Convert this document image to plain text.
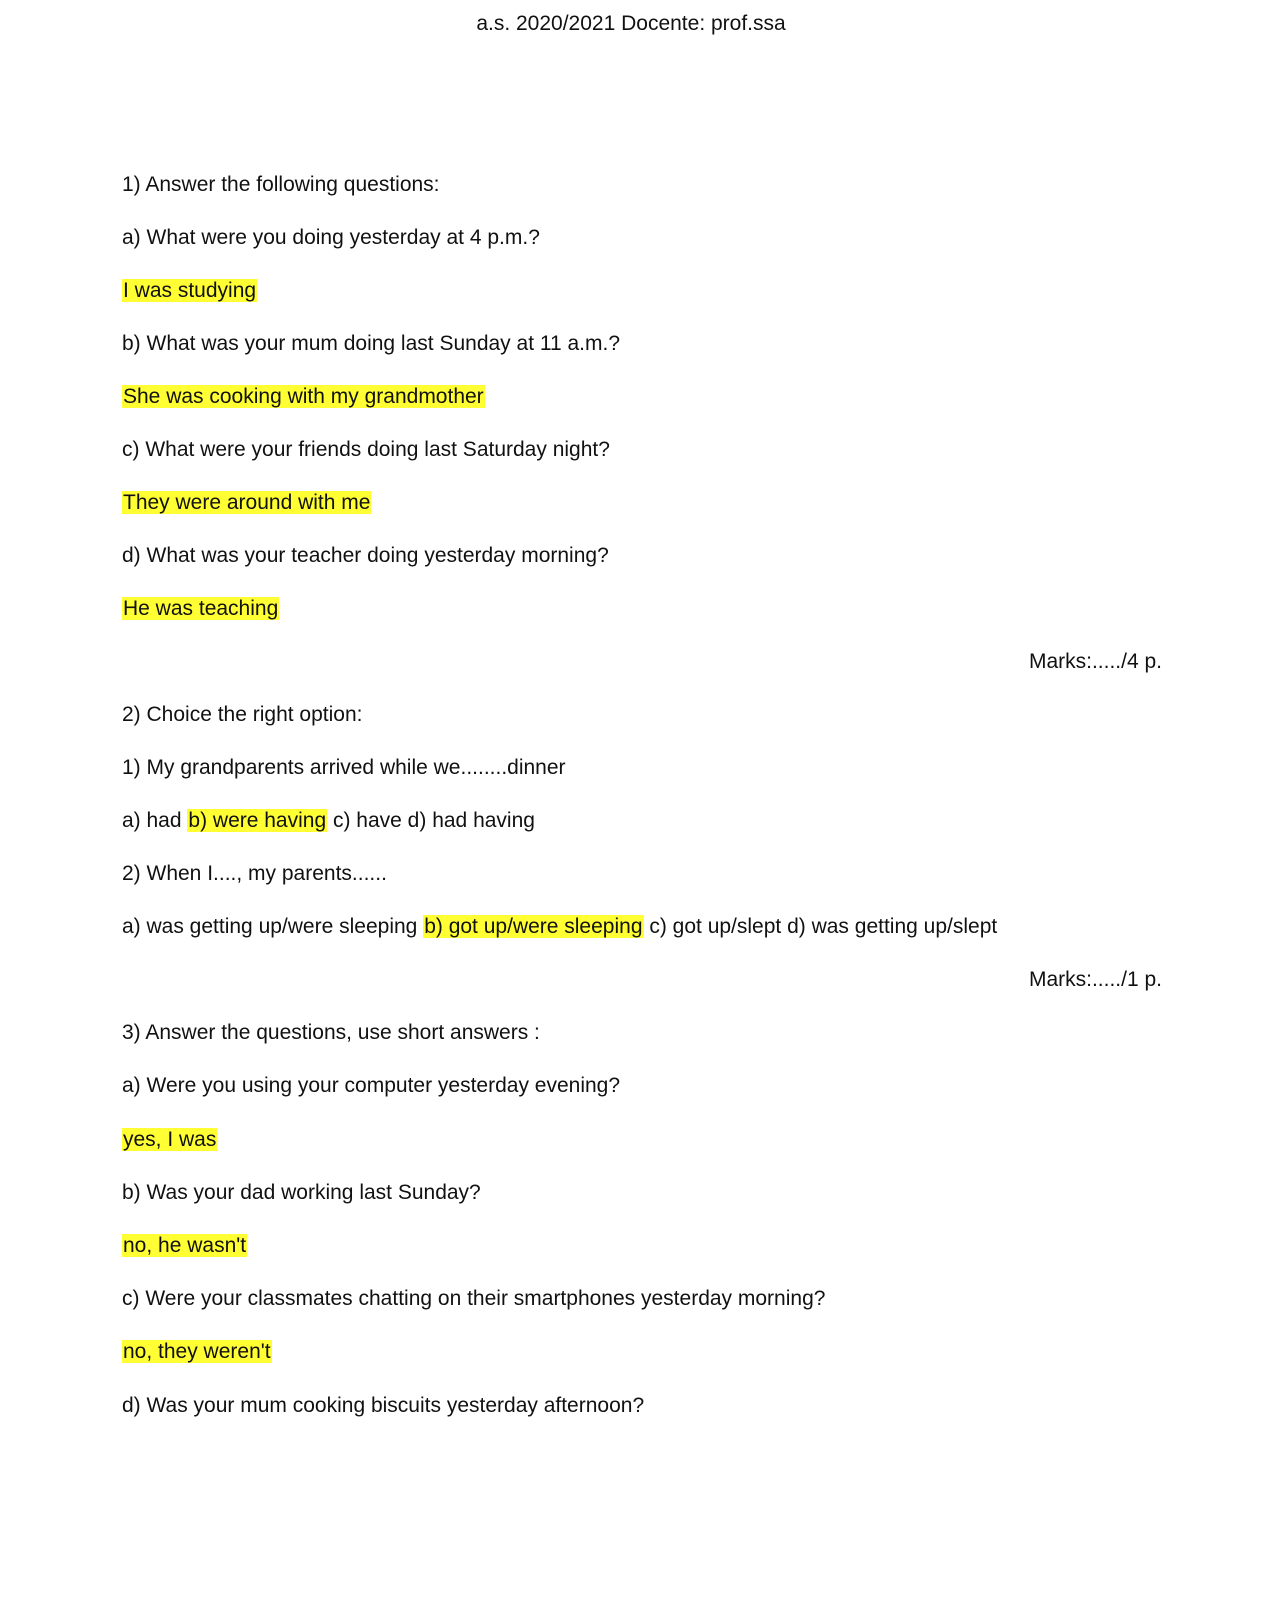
a.s. 2020/2021 Docente: prof.ssa
1) Answer the following questions:
a) What were you doing yesterday at 4 p.m.?
I was studying
b) What was your mum doing last Sunday at 11 a.m.?
She was cooking with my grandmother
c) What were your friends doing last Saturday night?
They were around with me
d) What was your teacher doing yesterday morning?
He was teaching
Marks:...../4 p.
2) Choice the right option:
1) My grandparents arrived while we........dinner
a) had b) were having c) have d) had having
2) When I...., my parents......
a) was getting up/were sleeping b) got up/were sleeping c) got up/slept d) was getting up/slept
Marks:...../1 p.
3) Answer the questions, use short answers :
a) Were you using your computer yesterday evening?
yes, I was
b) Was your dad working last Sunday?
no, he wasn't
c) Were your classmates chatting on their smartphones yesterday morning?
no, they weren't
d) Was your mum cooking biscuits yesterday afternoon?
